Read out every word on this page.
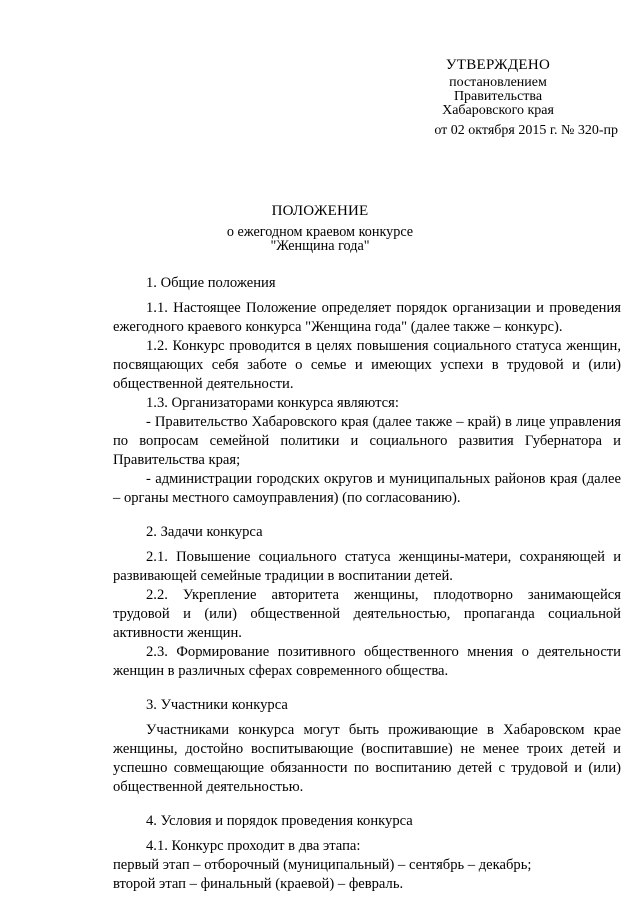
УТВЕРЖДЕНО
постановлением
Правительства
Хабаровского края
от 02 октября 2015 г. № 320-пр
ПОЛОЖЕНИЕ
о ежегодном краевом конкурсе
"Женщина года"

1. Общие положения

1.1. Настоящее Положение определяет порядок организации и проведения ежегодного краевого конкурса "Женщина года" (далее также – конкурс).

1.2. Конкурс проводится в целях повышения социального статуса женщин, посвящающих себя заботе о семье и имеющих успехи в трудовой и (или) общественной деятельности.

1.3. Организаторами конкурса являются:

- Правительство Хабаровского края (далее также – край) в лице управления по вопросам семейной политики и социального развития Губернатора и Правительства края;

- администрации городских округов и муниципальных районов края (далее – органы местного самоуправления) (по согласованию).

2. Задачи конкурса

2.1. Повышение социального статуса женщины-матери, сохраняющей и развивающей семейные традиции в воспитании детей.

2.2. Укрепление авторитета женщины, плодотворно занимающейся трудовой и (или) общественной деятельностью, пропаганда социальной активности женщин.

2.3. Формирование позитивного общественного мнения о деятельности женщин в различных сферах современного общества.

3. Участники конкурса

Участниками конкурса могут быть проживающие в Хабаровском крае женщины, достойно воспитывающие (воспитавшие) не менее троих детей и успешно совмещающие обязанности по воспитанию детей с трудовой и (или) общественной деятельностью.

4. Условия и порядок проведения конкурса

4.1. Конкурс проходит в два этапа:

первый этап – отборочный (муниципальный) – сентябрь – декабрь;

второй этап – финальный (краевой) – февраль.
